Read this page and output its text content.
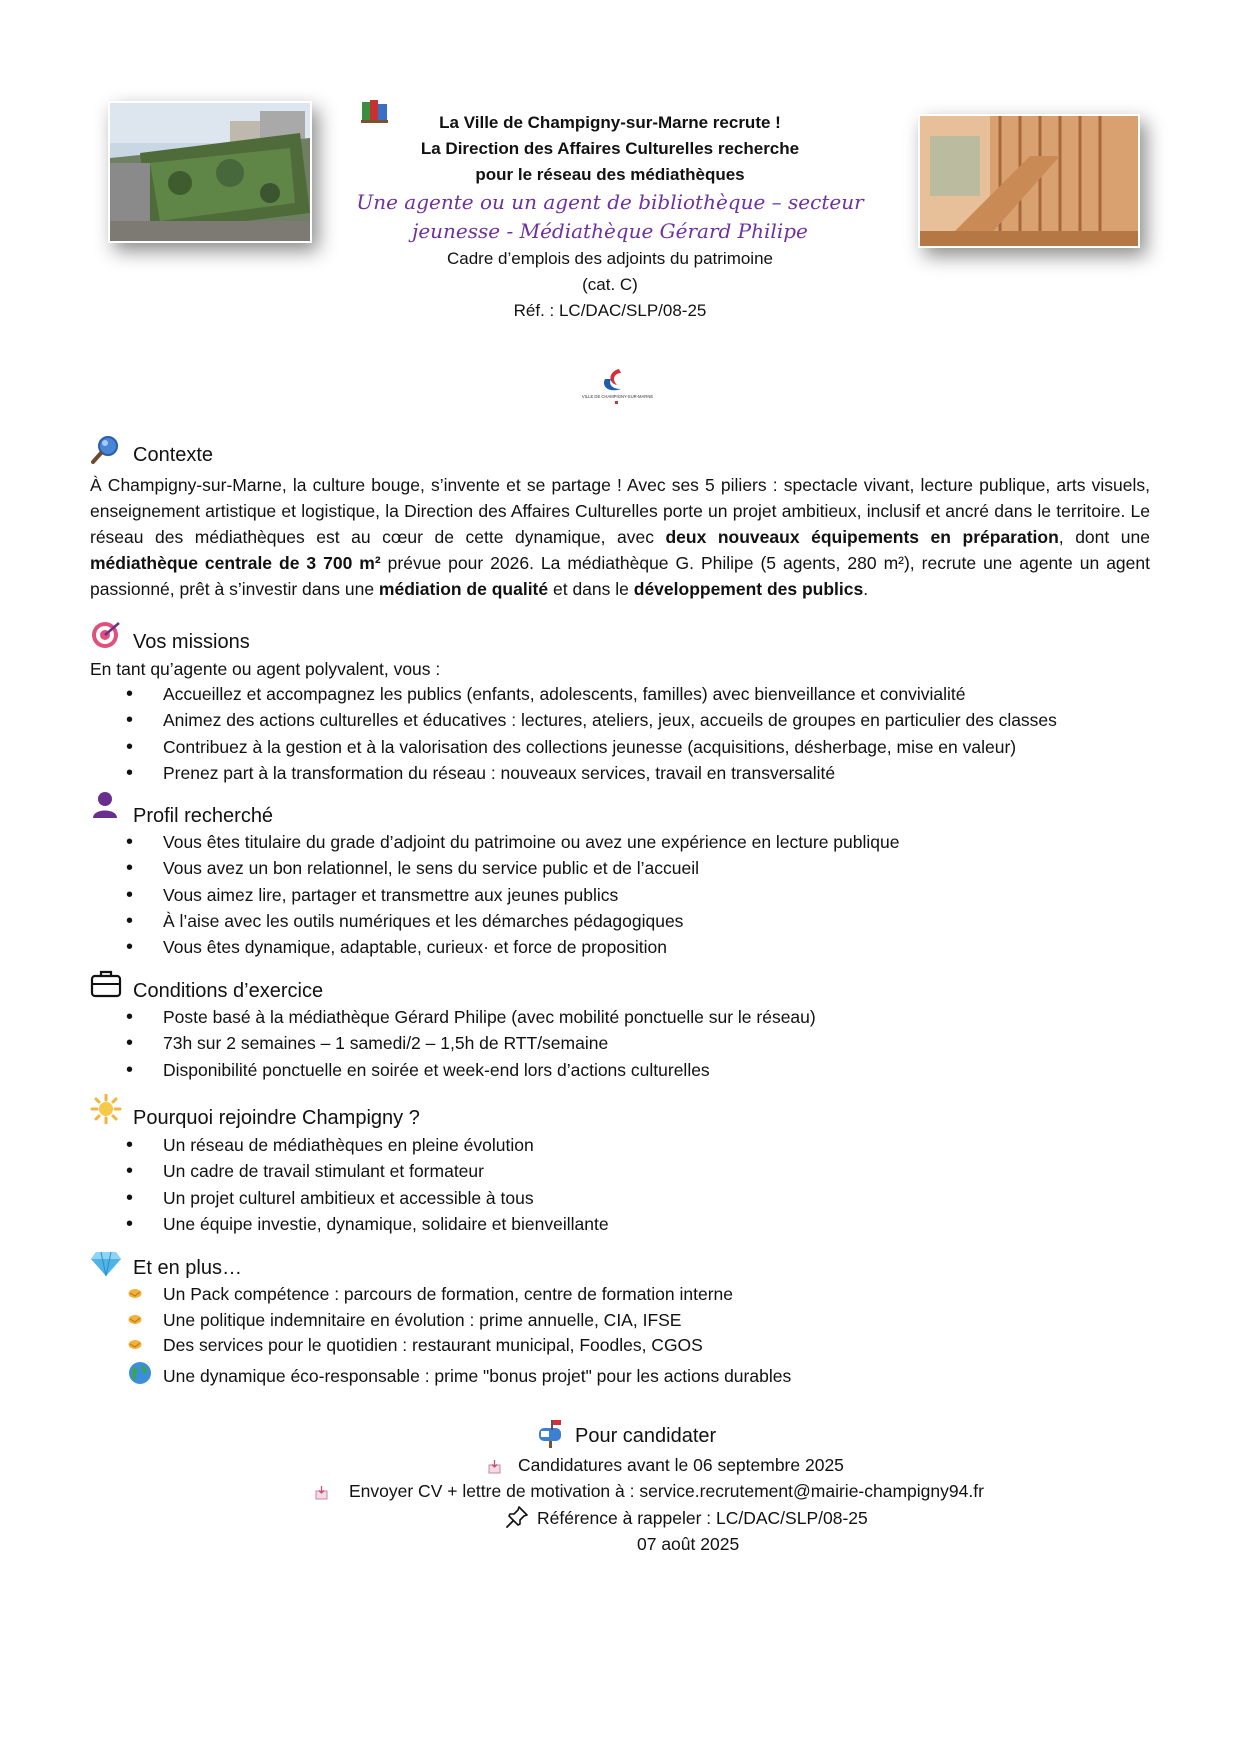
La Ville de Champigny-sur-Marne recrute !
La Direction des Affaires Culturelles recherche
pour le réseau des médiathèques
Une agente ou un agent de bibliothèque – secteur
jeunesse - Médiathèque Gérard Philipe
Cadre d’emplois des adjoints du patrimoine
(cat. C)
Réf. : LC/DAC/SLP/08-25
VILLE DE CHAMPIGNY-SUR-MARNE
Contexte
À Champigny-sur-Marne, la culture bouge, s’invente et se partage ! Avec ses 5 piliers : spectacle vivant, lecture publique, arts visuels, enseignement artistique et logistique, la Direction des Affaires Culturelles porte un projet ambitieux, inclusif et ancré dans le territoire. Le réseau des médiathèques est au cœur de cette dynamique, avec deux nouveaux équipements en préparation, dont une médiathèque centrale de 3 700 m² prévue pour 2026. La médiathèque G. Philipe (5 agents, 280 m²), recrute une agente un agent passionné, prêt à s’investir dans une médiation de qualité et dans le développement des publics.
Vos missions
En tant qu’agente ou agent polyvalent, vous :
• Accueillez et accompagnez les publics (enfants, adolescents, familles) avec bienveillance et convivialité
• Animez des actions culturelles et éducatives : lectures, ateliers, jeux, accueils de groupes en particulier des classes
• Contribuez à la gestion et à la valorisation des collections jeunesse (acquisitions, désherbage, mise en valeur)
• Prenez part à la transformation du réseau : nouveaux services, travail en transversalité
Profil recherché
• Vous êtes titulaire du grade d’adjoint du patrimoine ou avez une expérience en lecture publique
• Vous avez un bon relationnel, le sens du service public et de l’accueil
• Vous aimez lire, partager et transmettre aux jeunes publics
• À l’aise avec les outils numériques et les démarches pédagogiques
• Vous êtes dynamique, adaptable, curieux· et force de proposition
Conditions d’exercice
• Poste basé à la médiathèque Gérard Philipe (avec mobilité ponctuelle sur le réseau)
• 73h sur 2 semaines – 1 samedi/2 – 1,5h de RTT/semaine
• Disponibilité ponctuelle en soirée et week-end lors d’actions culturelles
Pourquoi rejoindre Champigny ?
• Un réseau de médiathèques en pleine évolution
• Un cadre de travail stimulant et formateur
• Un projet culturel ambitieux et accessible à tous
• Une équipe investie, dynamique, solidaire et bienveillante
Et en plus…
Un Pack compétence : parcours de formation, centre de formation interne
Une politique indemnitaire en évolution : prime annuelle, CIA, IFSE
Des services pour le quotidien : restaurant municipal, Foodles, CGOS
Une dynamique éco-responsable : prime "bonus projet" pour les actions durables
Pour candidater
Candidatures avant le 06 septembre 2025
Envoyer CV + lettre de motivation à : service.recrutement@mairie-champigny94.fr
Référence à rappeler : LC/DAC/SLP/08-25
07 août 2025
